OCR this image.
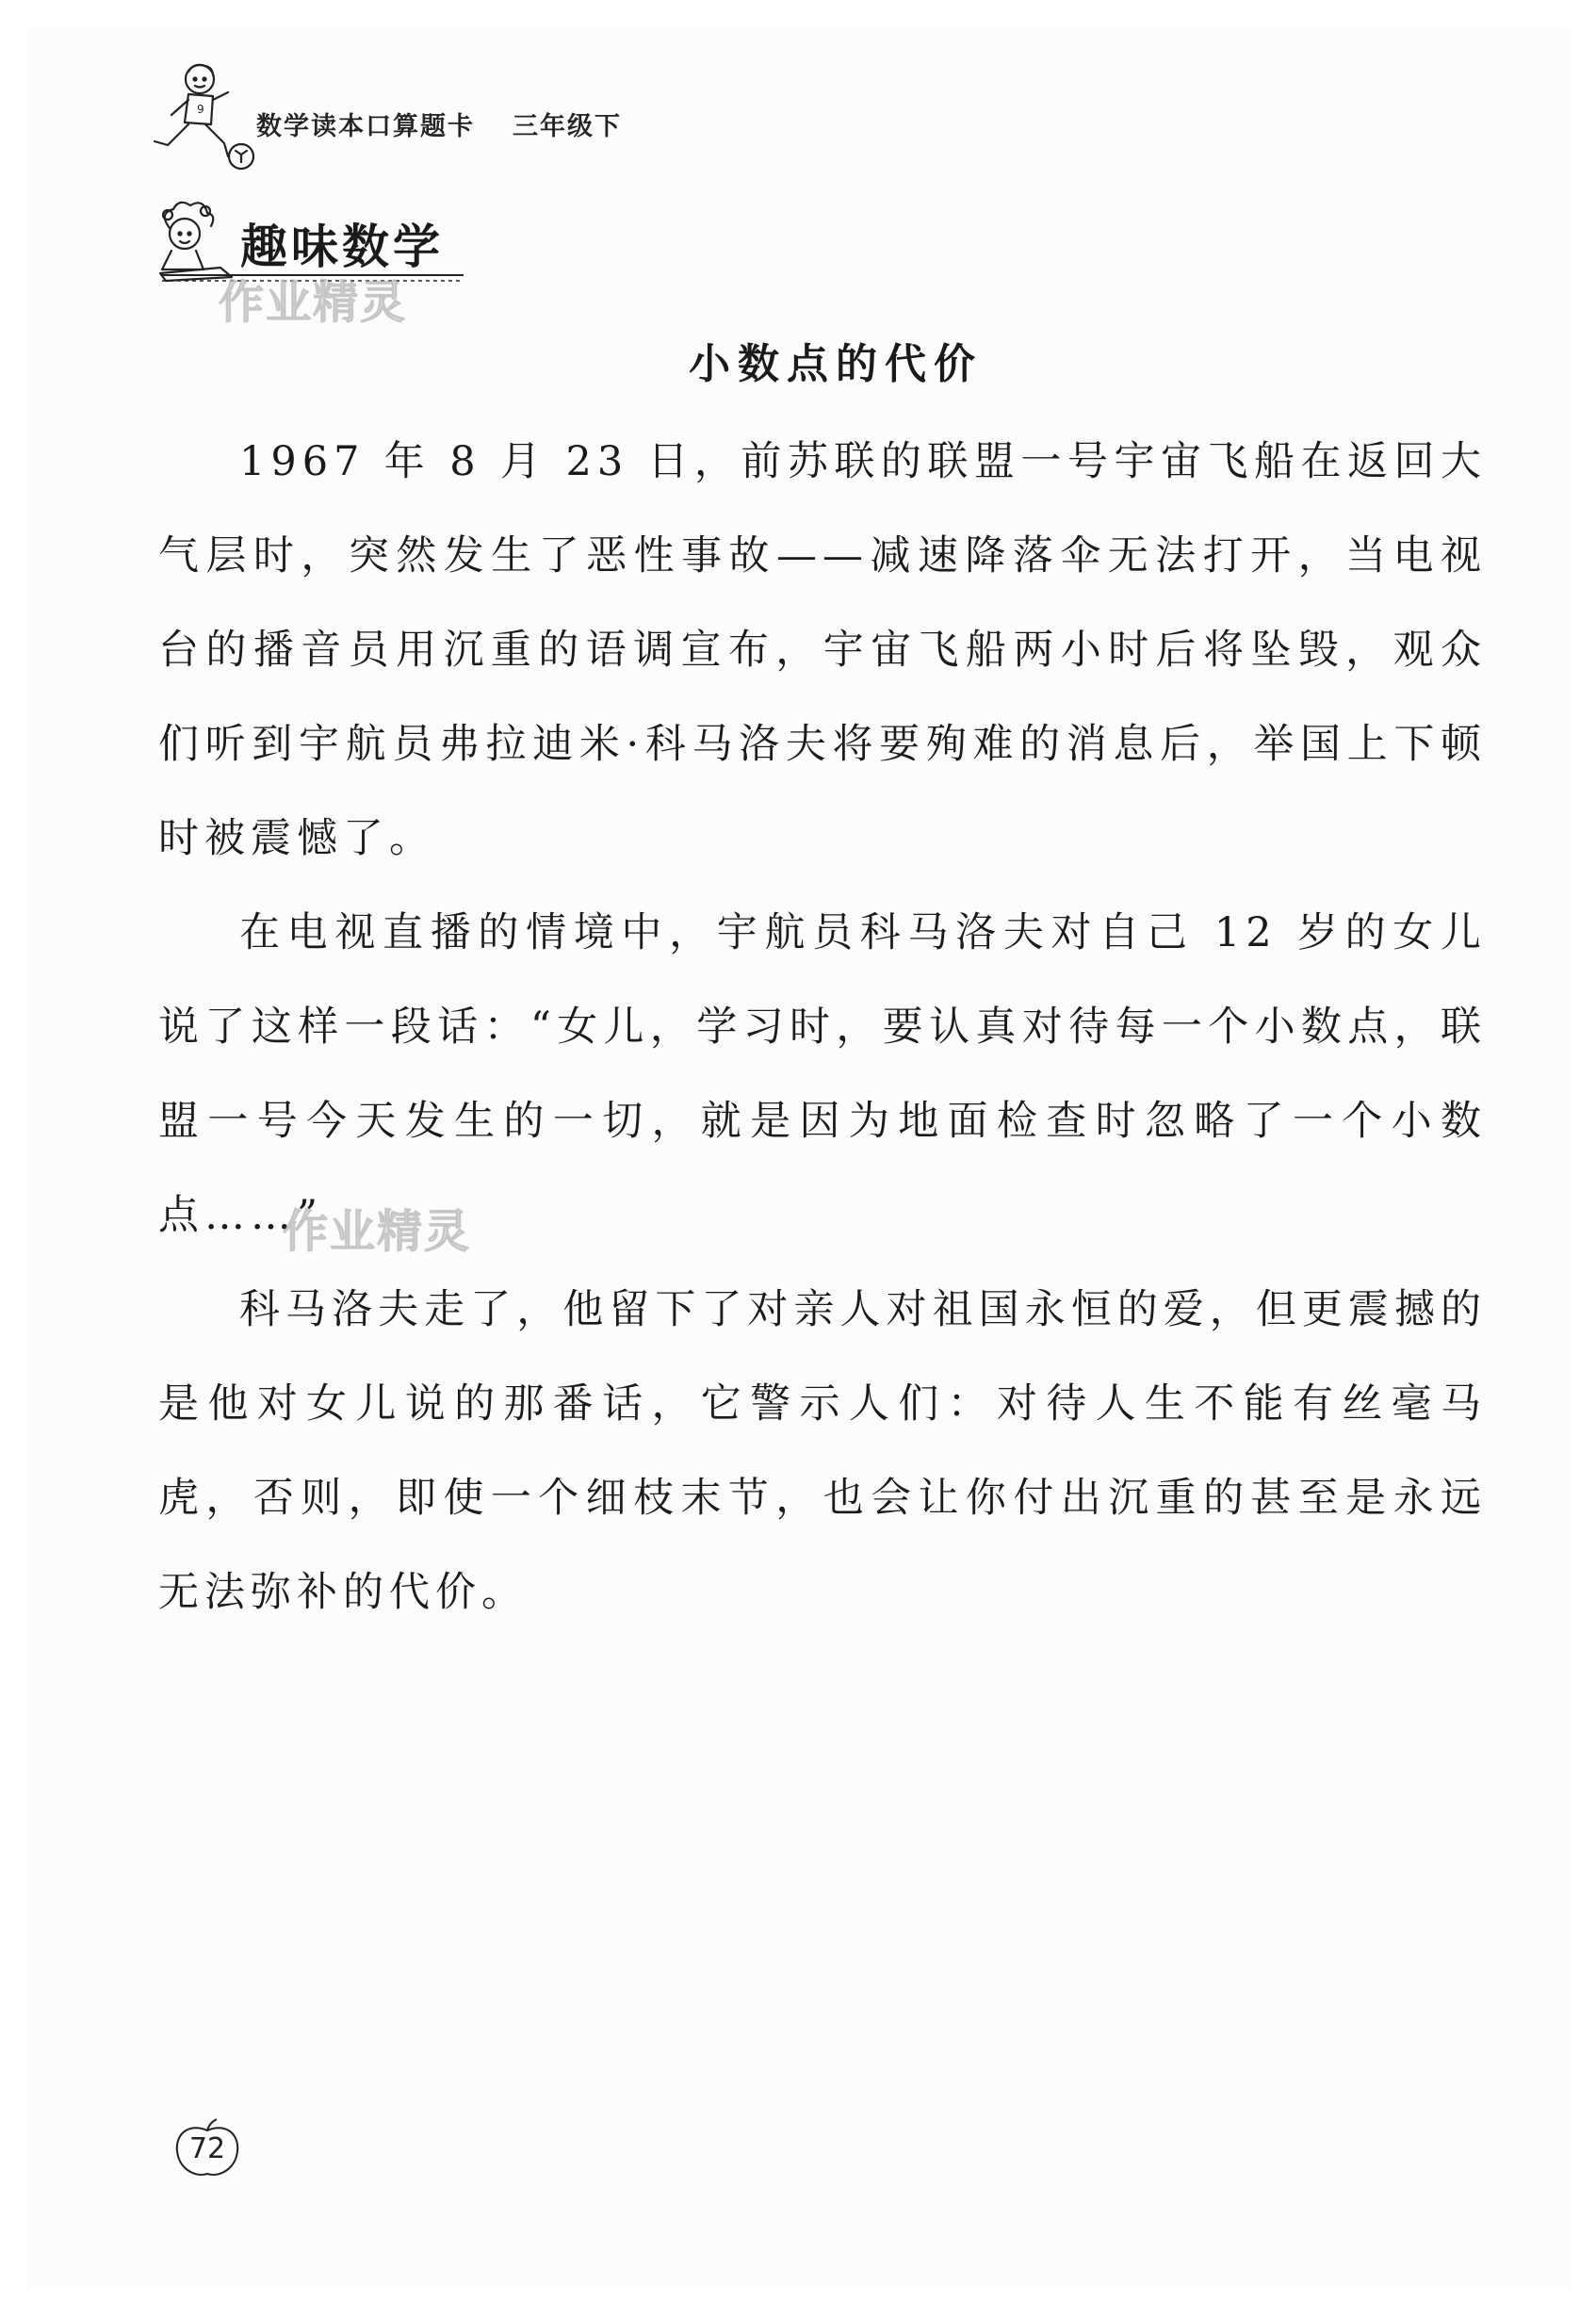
9
数学读本口算题卡 三年级下
趣味数学
作业精灵
小数点的代价

1967 年 8 月 23 日，前苏联的联盟一号宇宙飞船在返回大气层时，突然发生了恶性事故——减速降落伞无法打开，当电视台的播音员用沉重的语调宣布，宇宙飞船两小时后将坠毁，观众们听到宇航员弗拉迪米·科马洛夫将要殉难的消息后，举国上下顿时被震憾了。

在电视直播的情境中，宇航员科马洛夫对自己 12 岁的女儿说了这样一段话：“女儿，学习时，要认真对待每一个小数点，联盟一号今天发生的一切，就是因为地面检查时忽略了一个小数点……”

科马洛夫走了，他留下了对亲人对祖国永恒的爱，但更震撼的是他对女儿说的那番话，它警示人们：对待人生不能有丝毫马虎，否则，即使一个细枝末节，也会让你付出沉重的甚至是永远无法弥补的代价。

作业精灵
72
